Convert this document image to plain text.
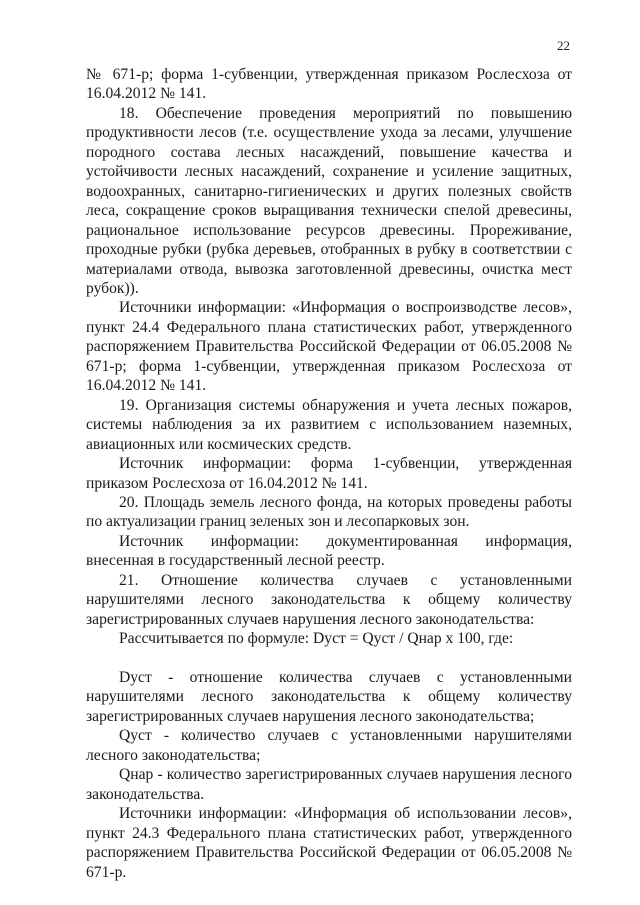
22

№ 671-р; форма 1-субвенции, утвержденная приказом Рослесхоза от 16.04.2012 № 141.

18. Обеспечение проведения мероприятий по повышению продуктивности лесов (т.е. осуществление ухода за лесами, улучшение породного состава лесных насаждений, повышение качества и устойчивости лесных насаждений, сохранение и усиление защитных, водоохранных, санитарно-гигиенических и других полезных свойств леса, сокращение сроков выращивания технически спелой древесины, рациональное использование ресурсов древесины. Прореживание, проходные рубки (рубка деревьев, отобранных в рубку в соответствии с материалами отвода, вывозка заготовленной древесины, очистка мест рубок)).

Источники информации: «Информация о воспроизводстве лесов», пункт 24.4 Федерального плана статистических работ, утвержденного распоряжением Правительства Российской Федерации от 06.05.2008 № 671-р; форма 1-субвенции, утвержденная приказом Рослесхоза от 16.04.2012 № 141.

19. Организация системы обнаружения и учета лесных пожаров, системы наблюдения за их развитием с использованием наземных, авиационных или космических средств.

Источник информации: форма 1-субвенции, утвержденная приказом Рослесхоза от 16.04.2012 № 141.

20. Площадь земель лесного фонда, на которых проведены работы по актуализации границ зеленых зон и лесопарковых зон.

Источник информации: документированная информация, внесенная в государственный лесной реестр.

21. Отношение количества случаев с установленными нарушителями лесного законодательства к общему количеству зарегистрированных случаев нарушения лесного законодательства:

Рассчитывается по формуле: Dуст = Qуст / Qнар х 100, где:

Dуст - отношение количества случаев с установленными нарушителями лесного законодательства к общему количеству зарегистрированных случаев нарушения лесного законодательства;

Qуст - количество случаев с установленными нарушителями лесного законодательства;

Qнар - количество зарегистрированных случаев нарушения лесного законодательства.

Источники информации: «Информация об использовании лесов», пункт 24.3 Федерального плана статистических работ, утвержденного распоряжением Правительства Российской Федерации от 06.05.2008 № 671-р.
